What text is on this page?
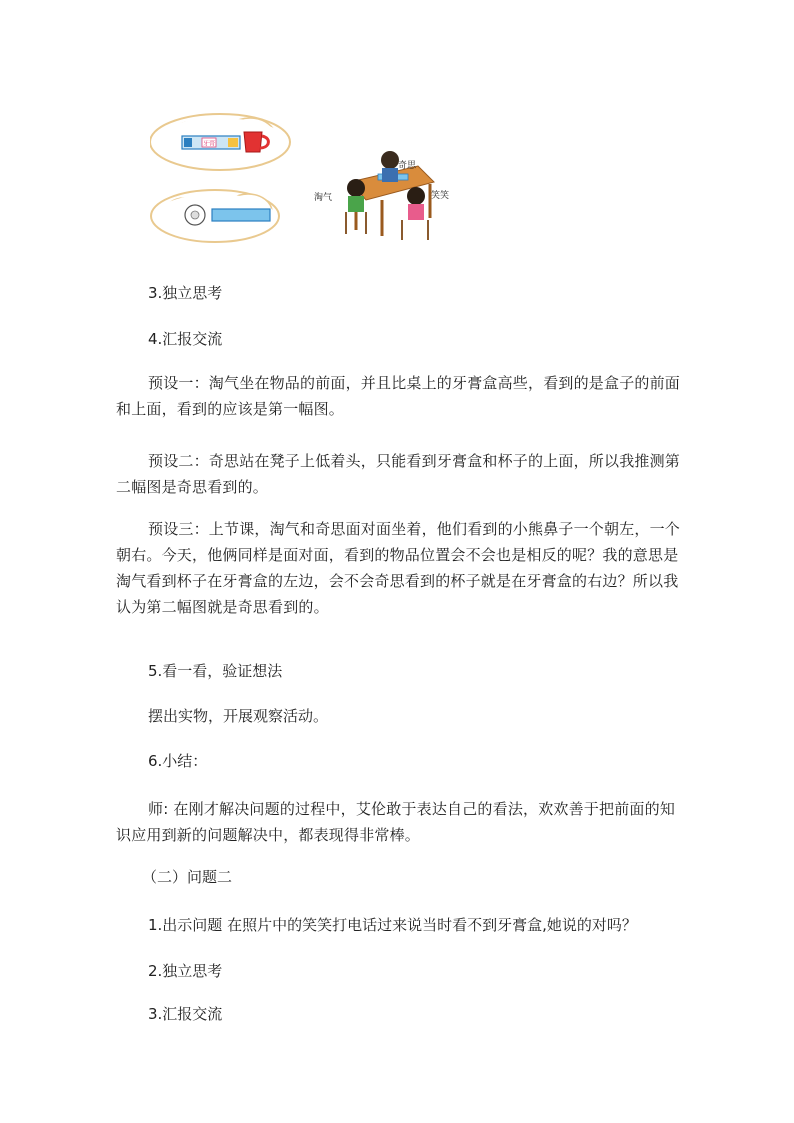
牙膏
奇思
淘气	笑笑

3.独立思考

4.汇报交流

预设一：淘气坐在物品的前面，并且比桌上的牙膏盒高些，看到的是盒子的前面和上面，看到的应该是第一幅图。

预设二：奇思站在凳子上低着头，只能看到牙膏盒和杯子的上面，所以我推测第二幅图是奇思看到的。

预设三：上节课，淘气和奇思面对面坐着，他们看到的小熊鼻子一个朝左，一个朝右。今天，他俩同样是面对面，看到的物品位置会不会也是相反的呢？我的意思是淘气看到杯子在牙膏盒的左边，会不会奇思看到的杯子就是在牙膏盒的右边？所以我认为第二幅图就是奇思看到的。

5.看一看，验证想法

摆出实物，开展观察活动。

6.小结：

师: 在刚才解决问题的过程中，艾伦敢于表达自己的看法，欢欢善于把前面的知识应用到新的问题解决中，都表现得非常棒。

（二）问题二

1.出示问题 在照片中的笑笑打电话过来说当时看不到牙膏盒,她说的对吗？

2.独立思考

3.汇报交流
